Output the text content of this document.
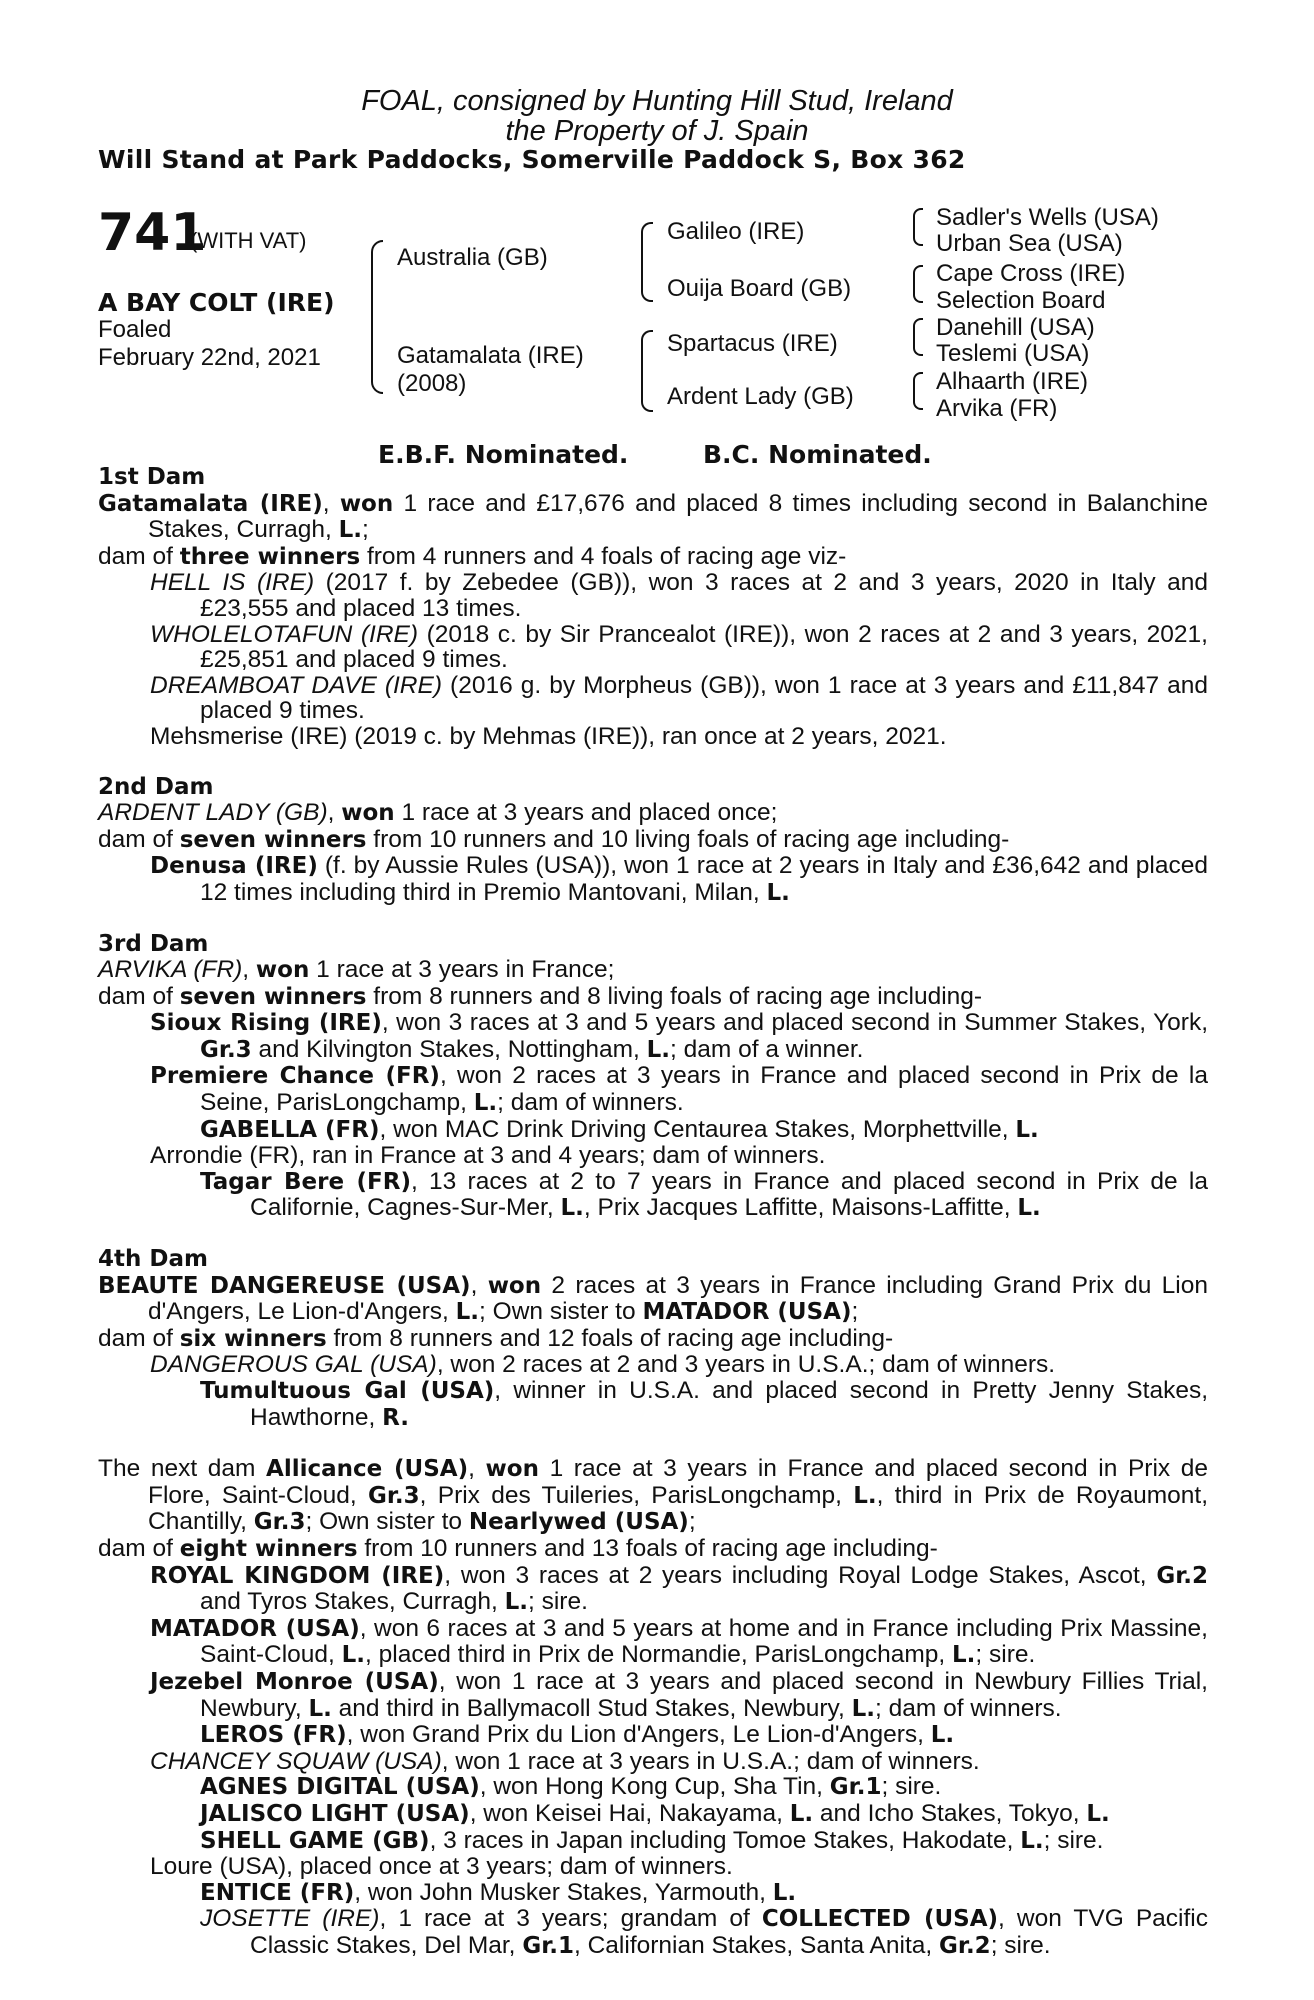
FOAL, consigned by Hunting Hill Stud, Ireland
the Property of J. Spain
Will Stand at Park Paddocks, Somerville Paddock S, Box 362
741
(WITH VAT)
A BAY COLT (IRE)
Foaled
February 22nd, 2021
Australia (GB)
Gatamalata (IRE)
(2008)
Galileo (IRE)
Ouija Board (GB)
Spartacus (IRE)
Ardent Lady (GB)
Sadler's Wells (USA)
Urban Sea (USA)
Cape Cross (IRE)
Selection Board
Danehill (USA)
Teslemi (USA)
Alhaarth (IRE)
Arvika (FR)
E.B.F. Nominated.	B.C. Nominated.
1st Dam
Gatamalata (IRE), won 1 race and £17,676 and placed 8 times including second in Balanchine Stakes, Curragh, L.;
dam of three winners from 4 runners and 4 foals of racing age viz-
HELL IS (IRE) (2017 f. by Zebedee (GB)), won 3 races at 2 and 3 years, 2020 in Italy and £23,555 and placed 13 times.
WHOLELOTAFUN (IRE) (2018 c. by Sir Prancealot (IRE)), won 2 races at 2 and 3 years, 2021, £25,851 and placed 9 times.
DREAMBOAT DAVE (IRE) (2016 g. by Morpheus (GB)), won 1 race at 3 years and £11,847 and placed 9 times.
Mehsmerise (IRE) (2019 c. by Mehmas (IRE)), ran once at 2 years, 2021.
2nd Dam
ARDENT LADY (GB), won 1 race at 3 years and placed once;
dam of seven winners from 10 runners and 10 living foals of racing age including-
Denusa (IRE) (f. by Aussie Rules (USA)), won 1 race at 2 years in Italy and £36,642 and placed 12 times including third in Premio Mantovani, Milan, L.
3rd Dam
ARVIKA (FR), won 1 race at 3 years in France;
dam of seven winners from 8 runners and 8 living foals of racing age including-
Sioux Rising (IRE), won 3 races at 3 and 5 years and placed second in Summer Stakes, York, Gr.3 and Kilvington Stakes, Nottingham, L.; dam of a winner.
Premiere Chance (FR), won 2 races at 3 years in France and placed second in Prix de la Seine, ParisLongchamp, L.; dam of winners.
GABELLA (FR), won MAC Drink Driving Centaurea Stakes, Morphettville, L.
Arrondie (FR), ran in France at 3 and 4 years; dam of winners.
Tagar Bere (FR), 13 races at 2 to 7 years in France and placed second in Prix de la Californie, Cagnes-Sur-Mer, L., Prix Jacques Laffitte, Maisons-Laffitte, L.
4th Dam
BEAUTE DANGEREUSE (USA), won 2 races at 3 years in France including Grand Prix du Lion d'Angers, Le Lion-d'Angers, L.; Own sister to MATADOR (USA);
dam of six winners from 8 runners and 12 foals of racing age including-
DANGEROUS GAL (USA), won 2 races at 2 and 3 years in U.S.A.; dam of winners.
Tumultuous Gal (USA), winner in U.S.A. and placed second in Pretty Jenny Stakes, Hawthorne, R.
The next dam Allicance (USA), won 1 race at 3 years in France and placed second in Prix de Flore, Saint-Cloud, Gr.3, Prix des Tuileries, ParisLongchamp, L., third in Prix de Royaumont, Chantilly, Gr.3; Own sister to Nearlywed (USA);
dam of eight winners from 10 runners and 13 foals of racing age including-
ROYAL KINGDOM (IRE), won 3 races at 2 years including Royal Lodge Stakes, Ascot, Gr.2 and Tyros Stakes, Curragh, L.; sire.
MATADOR (USA), won 6 races at 3 and 5 years at home and in France including Prix Massine, Saint-Cloud, L., placed third in Prix de Normandie, ParisLongchamp, L.; sire.
Jezebel Monroe (USA), won 1 race at 3 years and placed second in Newbury Fillies Trial, Newbury, L. and third in Ballymacoll Stud Stakes, Newbury, L.; dam of winners.
LEROS (FR), won Grand Prix du Lion d'Angers, Le Lion-d'Angers, L.
CHANCEY SQUAW (USA), won 1 race at 3 years in U.S.A.; dam of winners.
AGNES DIGITAL (USA), won Hong Kong Cup, Sha Tin, Gr.1; sire.
JALISCO LIGHT (USA), won Keisei Hai, Nakayama, L. and Icho Stakes, Tokyo, L.
SHELL GAME (GB), 3 races in Japan including Tomoe Stakes, Hakodate, L.; sire.
Loure (USA), placed once at 3 years; dam of winners.
ENTICE (FR), won John Musker Stakes, Yarmouth, L.
JOSETTE (IRE), 1 race at 3 years; grandam of COLLECTED (USA), won TVG Pacific Classic Stakes, Del Mar, Gr.1, Californian Stakes, Santa Anita, Gr.2; sire.
